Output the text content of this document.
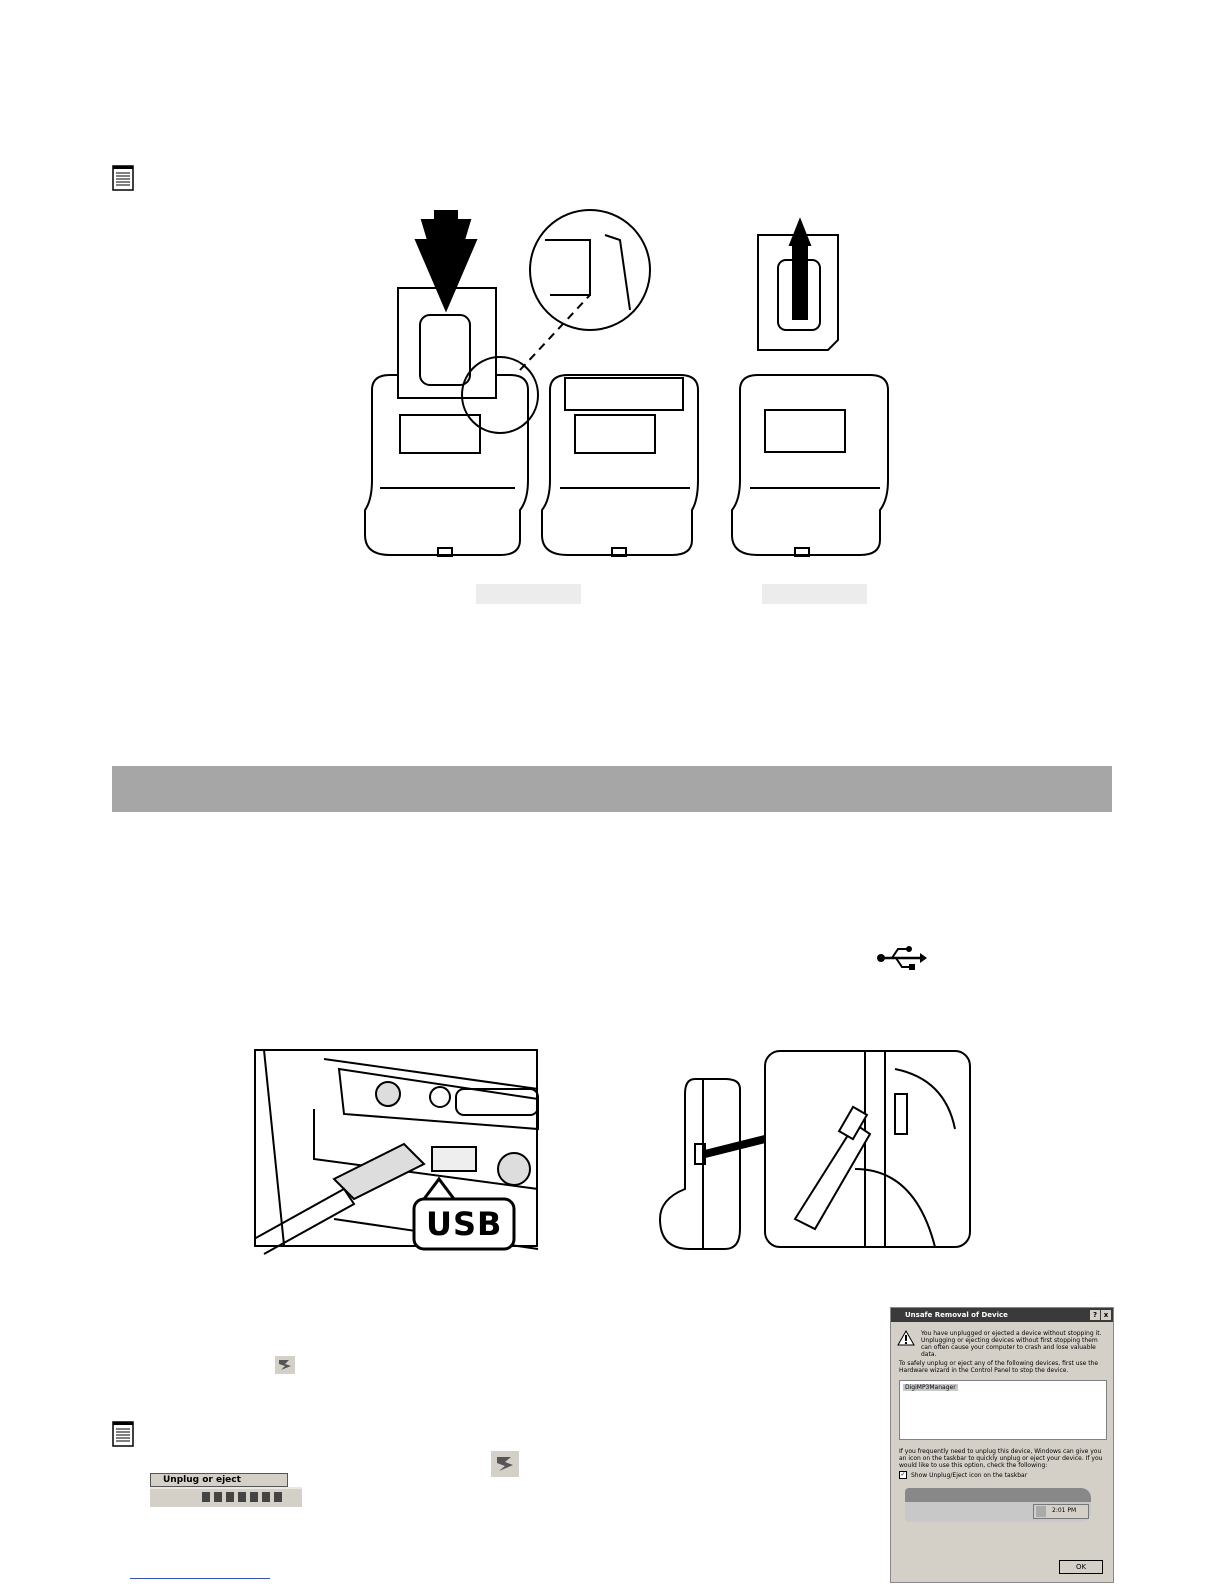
USB
Unplug or eject
Unsafe Removal of Device	? x
You have unplugged or ejected a device without stopping it. Unplugging or ejecting devices without first stopping them can often cause your computer to crash and lose valuable data.
To safely unplug or eject any of the following devices, first use the Hardware wizard in the Control Panel to stop the device.
DigiMP3Manager
If you frequently need to unplug this device, Windows can give you an icon on the taskbar to quickly unplug or eject your device. If you would like to use this option, check the following:
✓ Show Unplug/Eject icon on the taskbar
2:01 PM
OK
